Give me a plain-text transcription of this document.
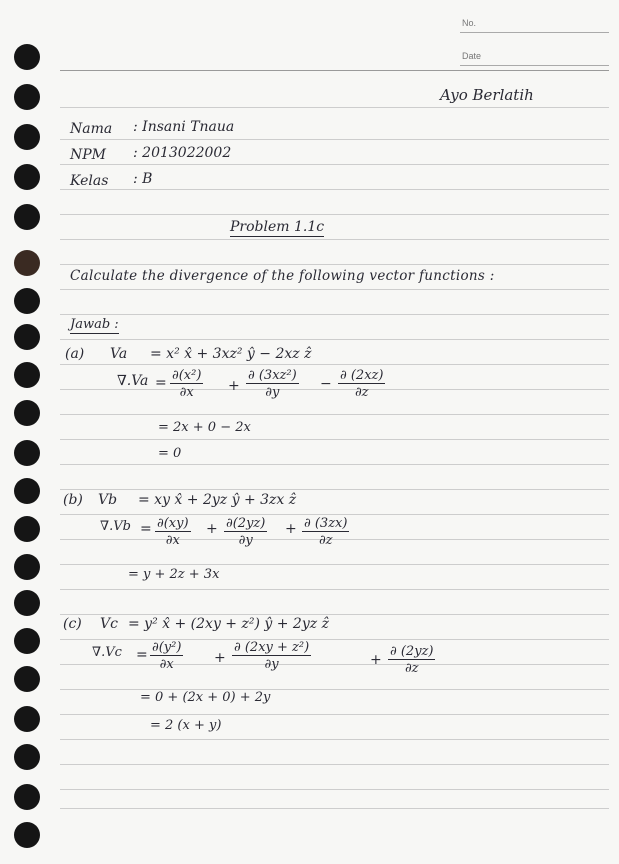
No.
Date
Ayo Berlatih
Nama : Insani Tnaua
NPM : 2013022002
Kelas : B
Problem 1.1c
Calculate the divergence of the following vector functions :
Jawab :
(a) Va = x² x̂ + 3xz² ŷ − 2xz ẑ
$\nabla.Va = \frac{\text{∂(x²)}}{\partial x} + \frac{\text{∂ (3xz²)}}{\partial y} - \frac{\partial (2xz)}{\partial z}$
= 2x + 0 − 2x
= 0
(b) Vb = xy x̂ + 2yz ŷ + 3zx ẑ
$\nabla.Vb = \frac{\partial(xy)}{\partial x} + \frac{\partial(2yz)}{\partial y} + \frac{\partial (3zx)}{\partial z}$
= y + 2z + 3x
(c) Vc = y² x̂ + (2xy + z²) ŷ + 2yz ẑ
$\nabla.Vc = \frac{\text{∂(y²)}}{\partial x} + \frac{\text{∂ (2xy + z²)}}{\partial y}$	+ $\frac{\partial (2yz)}{\partial z}$
= 0 + (2x + 0) + 2y
= 2 (x + y)
